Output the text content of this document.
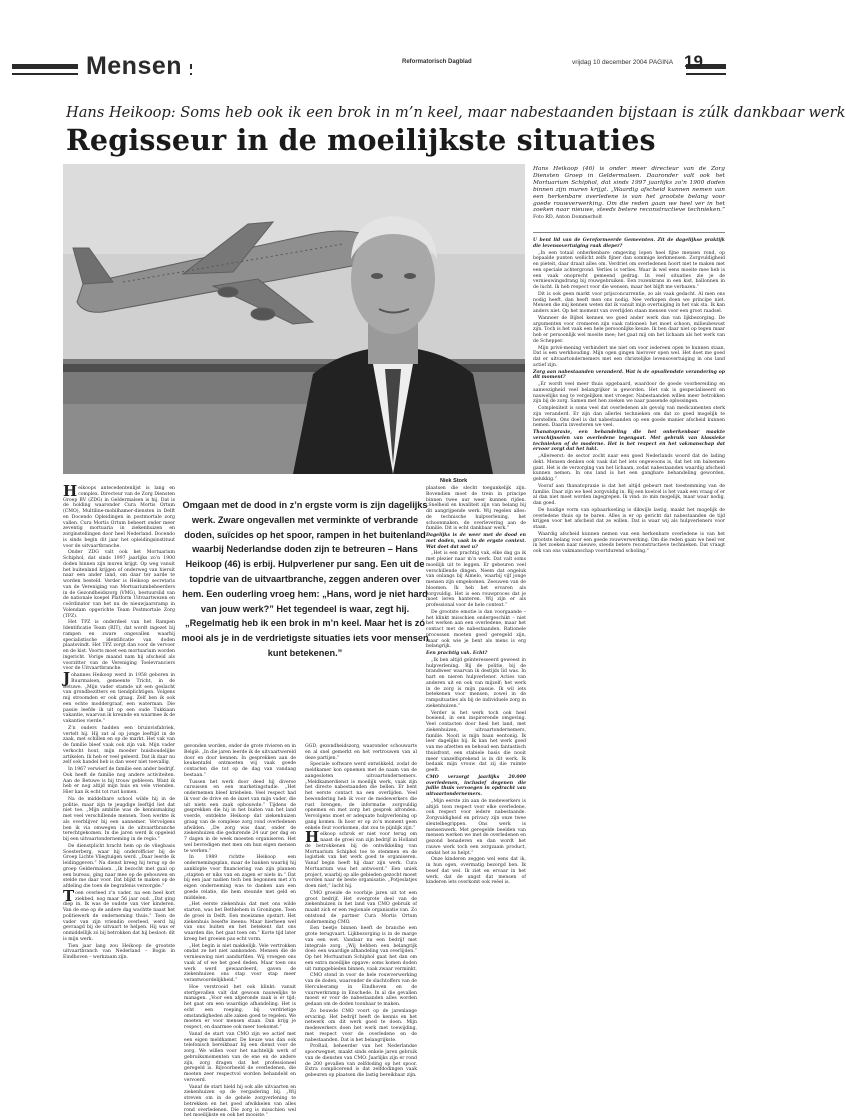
Mensen	Reformatorisch Dagblad	vrijdag 10 december 2004 PAGINA 19
Hans Heikoop: Soms heb ook ik een brok in m’n keel, maar nabestaanden bijstaan is zúlk dankbaar werk
Regisseur in de moeilijkste situaties
Niek Stork
Omgaan met de dood in z’n ergste vorm is zijn dagelijks werk. Zware ongevallen met verminkte of verbrande doden, suïcides op het spoor, rampen in het buitenland waarbij Nederlandse doden zijn te betreuren – Hans Heikoop (46) is erbij. Hulpverlener pur sang. Een uit de topdrie van de uitvaartbranche, zeggen anderen over hem. Een ouderling vroeg hem: „Hans, word je niet hard van jouw werk?” Het tegendeel is waar, zegt hij. „Regelmatig heb ik een brok in m’n keel. Maar het is zó mooi als je in de verdrietigste situaties iets voor mensen kunt betekenen.”
Hans Heikoop (46) is onder meer directeur van de Zorg Diensten Groep in Geldermalsen. Daaronder valt ook het Mortuarium Schiphol, dat sinds 1997 jaarlijks zo’n 1900 doden binnen zijn muren krijgt. „Waardig afscheid kunnen nemen van een herkenbare overledene is van het grootste belang voor goede rouwverwerking. Om die reden gaan we heel ver in het zoeken naar nieuwe, steeds betere reconstructieve technieken.” Foto RD, Anton Dommerholt

Heikoops antecedentenlijst is lang en complex. Directeur van de Zorg Diensten Groep BV (ZDG) in Geldermalsen is hij. Dat is de holding waaronder Cura Mortis Ortum (CMO), Multiline-mobilhamer-diensten in Delft en Docendo Opleidingen in postmortale zorg vallen. Cura Mortis Ortum beheert onder meer zeventig mortuaria in ziekenhuizen en zorginstellingen door heel Nederland. Docendo is sinds begin dit jaar het opleidingsinstituut voor de uitvaartbranche.

Onder ZDG valt ook het Mortuarium Schiphol, dat sinds 1997 jaarlijks zo’n 1900 doden binnen zijn muren krijgt. Op weg vanuit het buitenland krijgen of onderweg van hieruit naar een ander land, om daar ter aarde te worden besteld. Verder is Heikoop secretaris van de Vereniging van Mortuariumbeheerders in de Gezondheidszorg (VMG), bestuurslid van de nationale koepel Platform Uitvaartwezen en coördinator van het nu de nieuwjaarsramp in Volendam opgerichte Team Postmortale Zorg (TPZ).

Het TPZ is onderdeel van het Rampen Identificatie Team (RIT), dat wordt ingezet bij rampen en zware ongevallen waarbij specialistische identificatie van doden plaatsvindt. Het TPZ zorgt dan voor de vervoer en de kist. Voorts moet een mortuarium worden ingericht. Vorige maand nam hij afscheid als voorzitter van de Vereniging Toelevranciers voor de Uitvaartbranche.

Johannes Heikoop werd in 1958 geboren in Buurmalsen, gemeente Tricht, in de Betuwe. „Mijn vader stamde uit een geslacht van grondbezitters en tiendplichtigen. Volgens mij stroomden er ook graag. Zelf ben ik ook een echte moddergraaf, een waterman. Die passie leefde ik uit op een oude Tukkiaan vakantie, waarvan ik kreunde en waarmee ik de vakanties vierde.”

Z’n ouders hadden een bruinvisfabriek, vertelt hij. Hij zat al op jonge leeftijd in de zaak, met schillen en op de markt. Het vak van de familie bleef vaak ook zijn vak. Mijn vader verkocht hout, mijn moeder huishoudelijke artikelen. Ik heb er veel geleerd. Dat ik daar nu zelf ook handel heb is dan weer niet toevallig.

In 1967 verwierf de familie een ander bedrijf. Ook heeft de familie nog andere activiteiten. Aan de Betuwe is hij trouw gebleven. Want ik heb er nog altijd mijn huis en vele vrienden. Hier kan ik echt tot rust komen.

Na de middelbare school wilde hij in de politie, maar zijn te jeugdige leeftijd liet dat niet toe. „Mijn ambitie was de kennismaking met veel verschillende mensen. Toen werkte ik als overblijver bij een aannemer. Vervolgens ben ik via omwegen in de uitvaartbranche terechtgekomen. In die jaren werd ik opgeleid bij een uitvaartonderneming in de regio.”

De dienstplicht bracht hem op de vliegbasis Soesterberg, waar hij onderofficier bij de Groep Lichte Vliegtuigen werd. „Daar leerde ik leidinggeven.” Na dienst kreeg hij terug op de groep Geldermalsen. „Ik bezocht met gaal op een bureau, ging naar mee op de gebouwen en stelde me daar voor. Dat blijkt te maken op de afdeling die toen de begrafenis verzorgde.”

Toen overleed z’n vader, na een heel kort ziekbed, nog maar 56 jaar oud. „Dat ging diep in. Ik was de oudste van vier kinderen. Van de ene op de andere dag wachtte naast het politiewerk de onderneming thuis.” Toen de vader van zijn vriendin overleed, werd hij gevraagd bij de uitvaart te helpen. Hij was er onmiddellijk zó bij betrokken dat hij besloot: dit is mijn werk.

Tien jaar lang zou Heikoop de grootste uitvaartbranch van Nederland – Bogin in Eindhoven – werkzaam zijn.

gevonden worden, onder de grote rivieren en in België. „In die jaren leerde ik de uitvaartwereld door en door kennen. In gesprekken aan de keukentafel ontmoeten wij vaak goede contacten die tot op de dag van vandaag bestaan.”

Tussen het werk door deed hij diverse cursussen en een marketingstudie. „Het ondernemen bleef kriebelen. Veel respect had ik voor de drive en de inzet van mijn vader, die uit niets een zaak opbouwde.” Tijdens de gesprekken die hij in het buiten van het land voerde, ontdekte Heikoop dat ziekenhuizen graag van de complexe zorg rond overledenen afwilden. „De zorg was daar, onder de ziekenhuizen die gedurende 24 uur per dag en 7 dagen in de week moesten organiseren. Het wel bevredigen met men om hun eigen mensen te werken.”

In 1989 richtte Heikoop een ondernemingsplan, maar de banken waarbij hij aanklopte voor financiering van zijn plannen „stapten er niks van en zagen er niets in.” Dat bij een jaar nadien toch ben begonnen met z’n eigen onderneming was te danken aan een goede relatie, die hem steunde met geld en middelen.

„Het eerste ziekenhuis dat met ons wilde starten, was het Bethlehem in Groningen. Toen de groei in Delft. Een moeizame opstart. Het ziekenhuis besefte ineens: Maar hierheen wel van ons buiten en het betekent dat ons waarden die, het gaat toen om.” Korte tijd later kreeg het groeien pas echt vorm.

„Het begin is niet makkelijk. Vele vertrokken omdat ze het niet aankonden. Mensen die de vernieuwing niet aandurfden. Wij vroegen ons vaak af of we het goed deden. Maar toen ons werk werd gewaardeerd, gaven de ziekenhuizen ons stap voor stap meer verantwoordelijkheid.”

Hoe verstrooid het ook klinkt: vanuit sterfgevallen valt dat gewoon nauwelijks te managen. „Voor een afgeronde zaak is er tijd; het gaat om een waardige afhandeling. Het is echt een roeping, bij verdrietige omstandigheden alle zaken goed te regelen. We moeten er voor mensen staan. Dan krijg je respect, en daarmee ook meer toekomst.”

Vanaf de start van CMO zijn we actief met een eigen meldkamer. De keuze was dan ook telefonisch bereikbaar bij een dienst voor de zorg. We willen voor het nachtelijk werk of gebruiksmomenten van de ene en de andere zijn, zorg dragen dat het professioneel geregeld is. Bijvoorbeeld de overledenen, die moeten zeer respectvol worden behandeld en vervoerd.

Vanaf de start hield hij ook alle uitvaarten en ziekenhuizen op de vergadering bij. „Wij streven om in de gehele zorgverlening te betrekken en het goed afwikkelen van alles rond overledenen. Die zorg is misschien wel het moeilijkste en ook het mooiste.”

GGD, gezondheidszorg, waaronder schouwarts en al snel gemerkt en het vertrouwen van al deze partijen.”

Speciale software werd ontwikkeld, zodat de meldkamer kon opnemen met de naam van de aangesloten uitvaartondernemers. „Meldkamerdienst is moeilijk werk, vaak zijn het directe nabestaanden die bellen. Er bent het eerste contact na een overlijden. Veel bewondering heb ik voor de medewerkers die rust brengen, de informatie zorgvuldig opnemen en met zorg het gesprek afronden. Vervolgens moet er adequate hulpverlening op gang komen. Ik hoor er op zo’n moment geen enkele fout voorkomen, dat zou te pijnlijk zijn.”

Heikoop schrok er niet voor terug om naast de groei van zijn bedrijf in Holland de betrokkenen bij de ontwikkeling van Mortuarium Schiphol toe te stemmen en de logistiek van het werk goed te organiseren. Vanaf begin heeft hij daar zijn werk. Cura Mortuarium was het antwoord.” Een uniek project, waarbij op alle gebieden gezocht moest worden naar de beste organisatie. „Potjeslatjes doen niet,” lacht hij.

CMO groeide de voorbije jaren uit tot een groot bedrijf. Het overgrote deel van de ziekenhuizen in het land van CMO gebruik of maakt zich er een regionale organisatie van. Zo ontstond de partner Cura Mortis Ortum onderneming CMO.

Een beetje binnen heeft de branche een grote terugvaart. Lijkbezorging is in de marge van een wet. Vandaar nu een bedrijf met integrale zorg. „Wij hebben een belangrijk doel: een waardige afhandeling van overlijden.” Op het Mortuarium Schiphol gaat het dan om een extra moeilijke opgave: soms komen doden uit rampgebieden binnen, vaak zwaar verminkt.

CMO stond in voor de hele rouwverwerking van de doden, waaronder de slachtoffers van de Herculesramp in Eindhoven en de vuurwerkramp in Enschede. In al die gevallen moest er voor de nabestaanden alles worden gedaan om de doden toonbaar te maken.

Zo bouwde CMO voort op de jarenlange ervaring. Het bedrijf heeft de kennis en het netwerk om dit werk goed te doen. Mijn medewerkers doen het werk met toewijding, met respect voor de overledene en de nabestaanden. Dat is het belangrijkste.

ProRail, beheerder van het Nederlandse spoorwegnet, maakt sinds enkele jaren gebruik van de diensten van CMO. Jaarlijks zijn er rond de 200 gevallen van zelfdoding op het spoor. Extra complicerend is dat zelfdodingen vaak gebeuren op plaatsen die lastig bereikbaar zijn.

plaatsen die slecht toegankelijk zijn. Bovendien moet de trein in principe binnen twee uur weer kunnen rijden. „Snelheid en kwaliteit zijn van belang bij dit aangrijpende werk. Wij regelen alles: de technische hulpverlening, het schoonmaken, de overlevering aan de familie. Dit is echt dankbaar werk.”

Dagelijks is de weer met de dood en met doden, vaak in de ergste context. Wat doet dat met u?

„Het is een prachtig vak, elke dag ga ik met plezier naar m’n werk. Dat valt soms moeilijk uit te leggen. Er gebeuren veel verschillende dingen. Neem dat ongeluk van onlangs bij Almelo, waarbij vijf jonge mensen zijn omgekomen. Zeeuwen van de bloemen. Ik heb het ervaren als zorgvuldig. Het is een rouwproces dat je moet leren hanteren. Wij zijn er als professional voor de hele context.”

De grootste emotie is dan voorgaande – het klinkt misschien ondergeschikt – niet het werken aan een overledene, maar het contact met de nabestaanden. Rationele processen moeten goed geregeld zijn, maar ook wie je bent als mens is erg belangrijk.

Een prachtig vak. Echt?

„Ik ben altijd geïnteresseerd geweest in hulpverlening. Bij de politie, bij de brandweer waarvan ik destijds lid was. In hart en nieren hulpverlener. Acties van anderen uit en ook van mijzelf; het werk in de zorg is mijn passie. Ik wil iets betekenen voor mensen, zowel in de rampsituaties als bij de individuele zorg in ziekenhuizen.”

Verder is het werk toch ook heel boeiend, in een inspirerende omgeving. Veel contacten door heel het land, met ziekenhuizen, uitvaartondernemers, familie. Nooit is mijn baan eentonig. Ik leer dagelijks bij. Ik kan het werk goed van me afzetten en behoud een fantastisch thuisfront, een stabiele basis die nooit meer vanzelfsprekend is in dit werk. Ik bedank mijn vrouw dat zij die ruimte geeft.

CMO verzorgt jaarlijks 20.000 overledenen, inclusief degenen die jullie thuis vervoegen in opdracht van uitvaartondernemers.

„Mijn eerste zin aan de medewerkers is altijd: toon respect voor elke overledene, ook respect voor iedere nabestaande. Zorgvuldigheid en privacy zijn onze twee sleutelbegrippen. Ons werk is mensenwerk. Met geregelde beelden van mensen werken we met de overledenen en gezond benaderen en dan wordt het rauwe werk toch een zorgzaam product, omdat het zo helpt.”

Onze kinderen zeggen wel eens dat ik, in hun ogen, overmatig bezorgd ben. Ik besef dat wel. Ik ziet en ervaar in het werk, dat de angst dat mensen of kinderen iets overkomt ook reëel is.

U bent lid van de Gereformeerde Gemeenten. Zit de dagelijkse praktijk die levensovertuiging raak dieper?

„In een totaal onherkenbare omgeving lopen heel fijne mensen rond, op bepaalde punten wellicht zelfs fijner dan sommige kerkmensen. Zorgvuldigheid en pieteit, daar draait alles om. Verdriet om overledenen hoort niet te maken met een speciale achtergrond. Verlies is verlies. Waar ik wel eens moeite mee heb is een vaak onoprecht gemeend gedrag. In veel situaties zie je de vernieuwingsdrang bij rouwgebruiken. Een rozenkrans in een kist, ballonnen in de lucht. Ik heb respect voor die wensen, maar het blijft me verbazen.”

Dit is ook geen markt voor prijsconcurrentie, zo als vaak gedacht. Al men ons nodig heeft, dan heeft men ons nodig. Nee verkopen doen we principe niet. Mensen die mij kennen weten dat ik vanuit mijn overtuiging in het vak sta. Ik kan anders niet. Op het moment van overlijden staan mensen voor een groot raadsel.

Wanneer de Bijbel kennen we goed ander werk dan van lijkbezorging. De argumenten voor cremeren zijn vaak rationeel: het moet schoon, milieubewust zijn. Toch is het vaak een hele persoonlijke keuze. Ik ben daar niet op tegen maar heb er persoonlijk wel moeite mee; het gaat mij om het lichaam als het werk van de Schepper.

Mijn privé-mening verhindert me niet om voor iedereen open te kunnen staan. Dat is een werkhouding. Mijn ogen gingen hierover open wel. Het doet me goed dat er uitvaartondernemers met een christelijke levensovertuiging in ons land actief zijn.

Zorg aan nabestaanden veranderd. Wat is de opvallendste verandering op dit moment?

„Er wordt veel meer thuis opgebaard, waardoor de goede voorbereiding en aanwezigheid veel belangrijker is geworden. Het vak is gespecialiseerd en nauwelijks nog te vergelijken met vroeger. Nabestaanden willen meer betrokken zijn bij de zorg. Samen met hen zoeken we naar passende oplossingen.

Complexiteit is soms veel dat overledenen als gevolg van medicamenten sterk zijn veranderd. Er zijn dan allerlei technieken om dat zo goed mogelijk te herstellen. Ons doel is dat nabestaanden op een goede manier afscheid kunnen nemen. Daarin investeren we veel.

Thanatopraxie, een behandeling die het onherkenbaar maakte verschijnselen van overledene tegengaat. Met gebruik van klassieke technieken of de moderne. Het is het respect en het vakmanschap dat ervoor zorgt dat het lukt.

„Allereerst: de sector zocht naar een goed Nederlands woord dat de lading dekt. Mensen denken ook vaak dat het iets ongewoons is, dat het om balsemen gaat. Het is de verzorging van het lichaam, zodat nabestaanden waardig afscheid kunnen nemen. In ons land is het een gangbare behandeling geworden, gelukkig.”

Vooraf aan thanatopraxie is dat het altijd gebeurt met toestemming van de familie. Daar zijn we heel zorgvuldig in. Bij een koelcel is het vaak een vraag of er al dan niet moet worden ingegrepen. Ik vind: zo min mogelijk, maar waar nodig, dan goed.

De huidige vorm van opbaarkoeling is dikwijls lastig, maakt het mogelijk de overledene thuis op te baren. Alles is er op gericht dat nabestaanden de tijd krijgen voor het afscheid dat ze willen. Dat is waar wij als hulpverleners voor staan.

Waardig afscheid kunnen nemen van een herkenbare overledene is van het grootste belang voor een goede rouwverwerking. Om die reden gaan we heel ver in het zoeken naar nieuwe, steeds betere reconstructieve technieken. Dat vraagt ook van ons vakmanschap voortdurend scholing.”
